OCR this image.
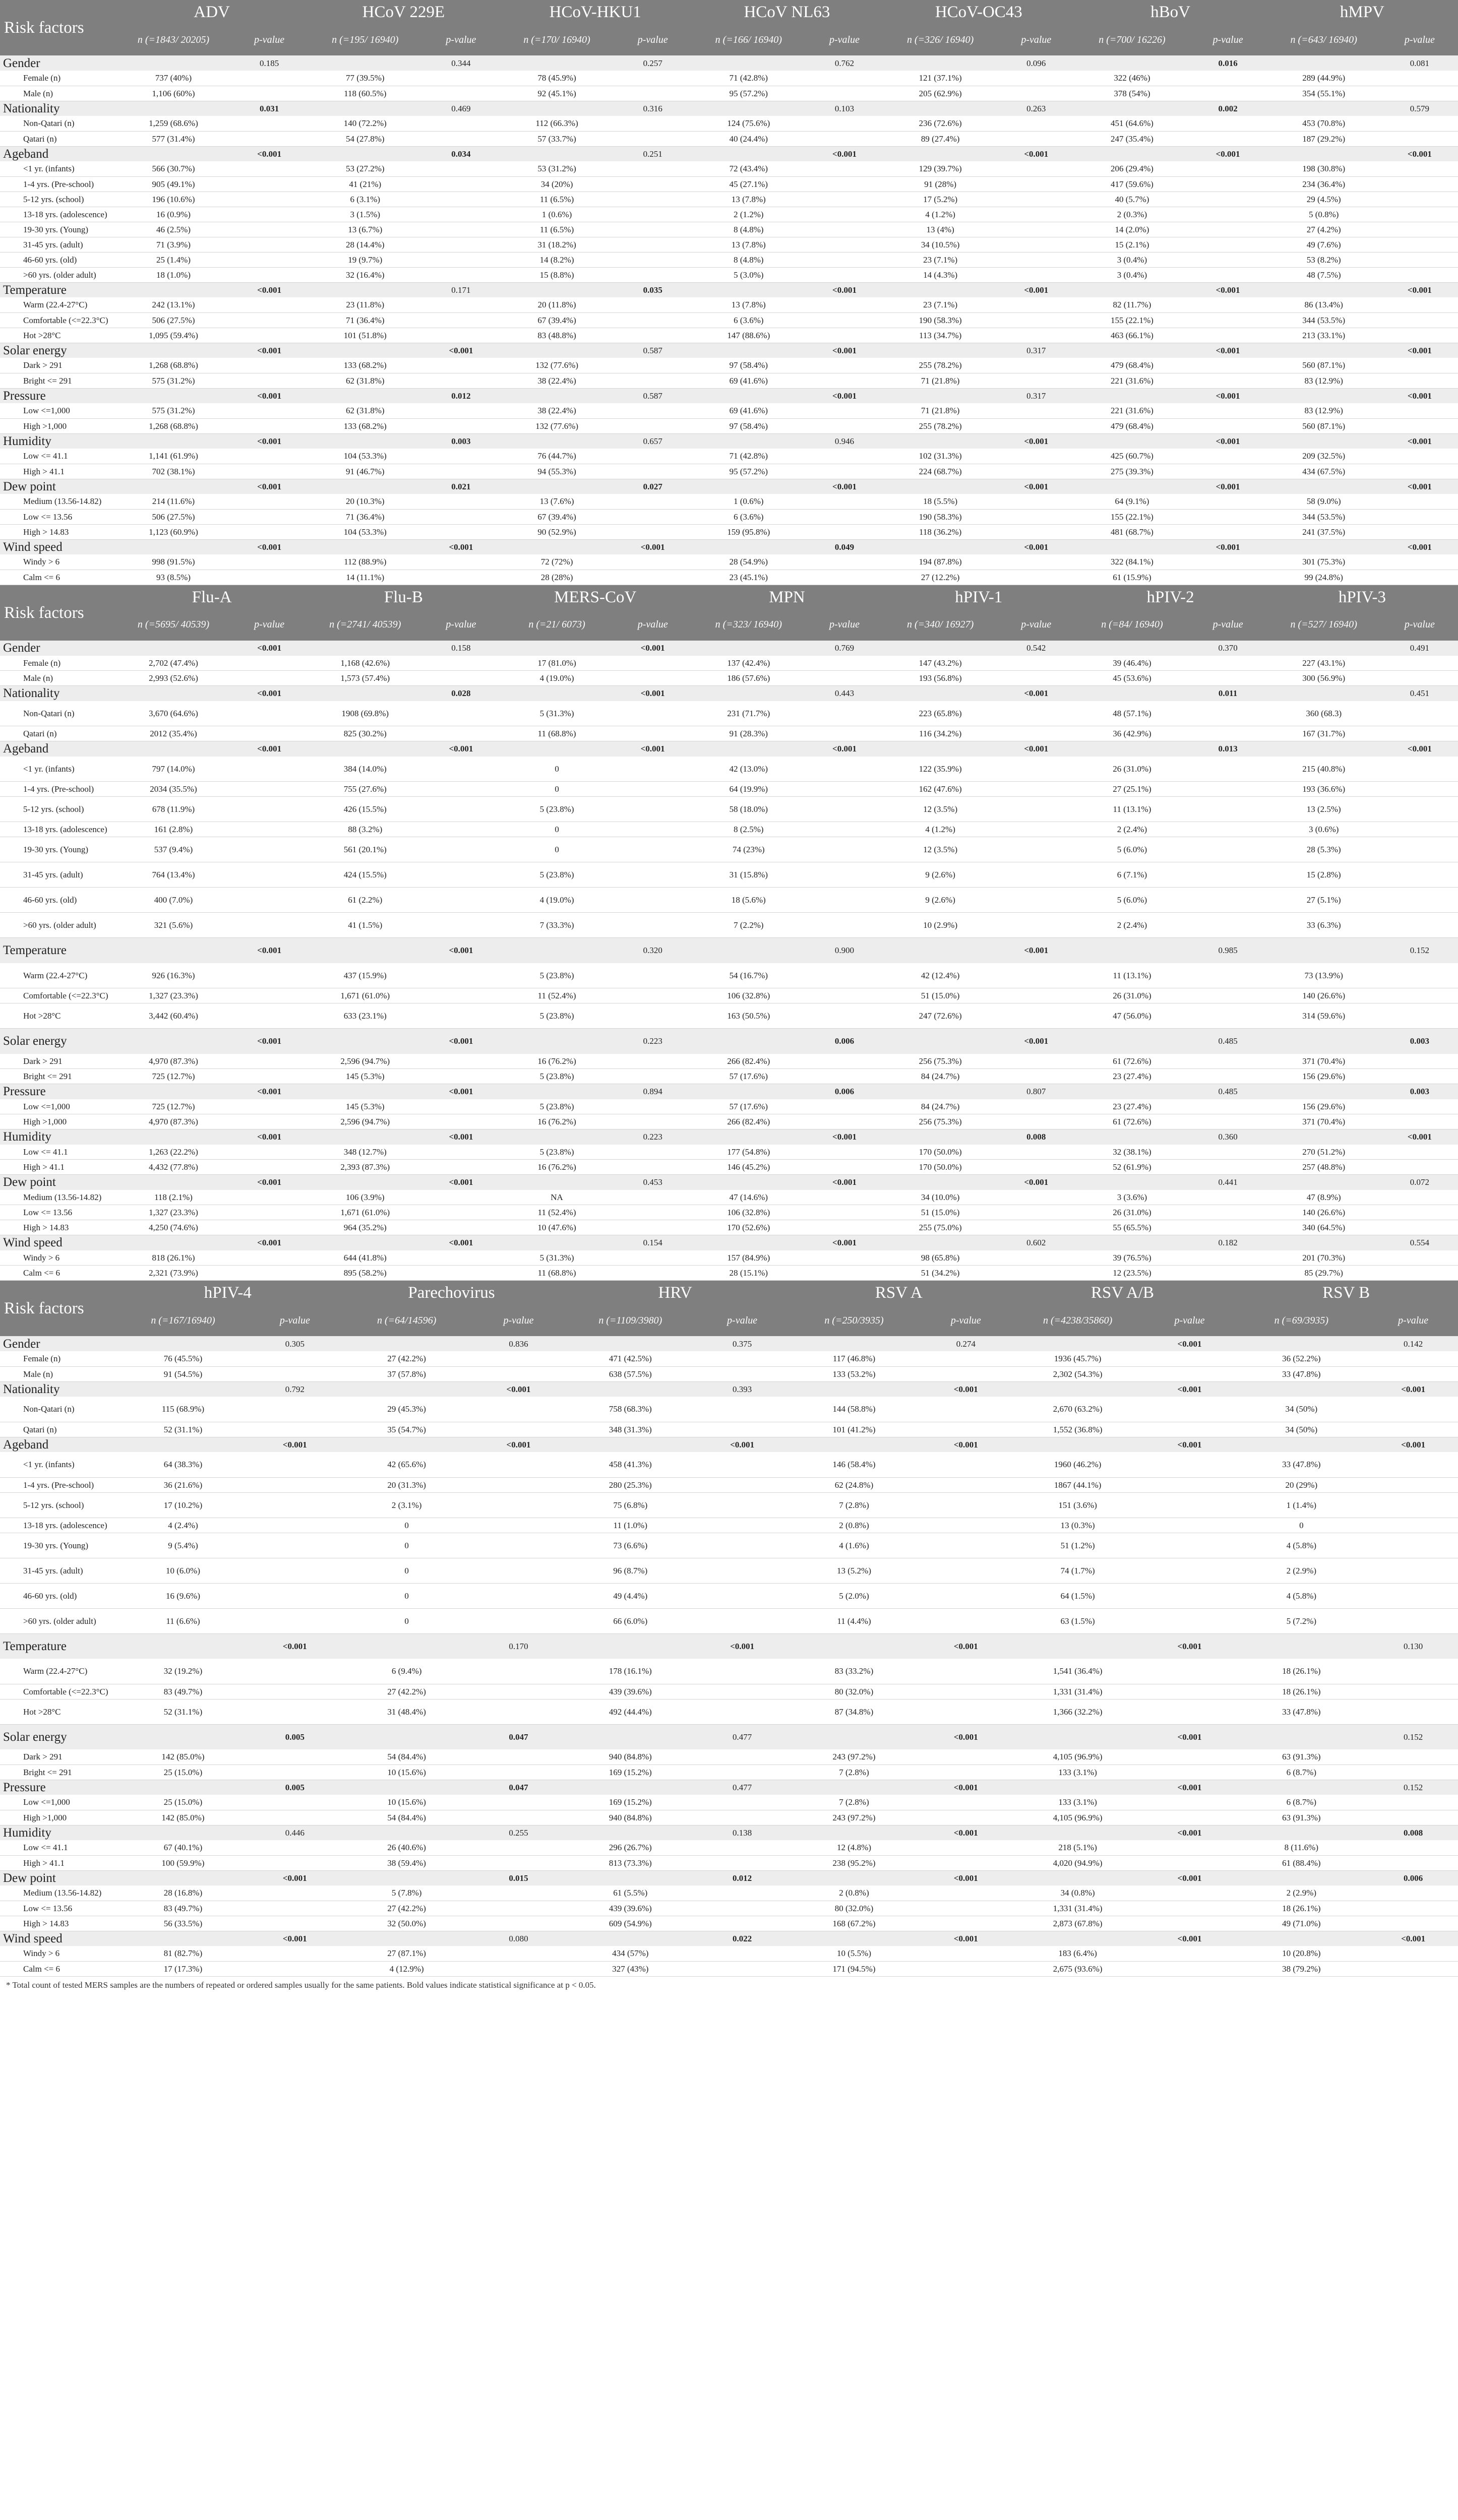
Risk factors	ADV		HCoV 229E		HCoV-HKU1		HCoV NL63		HCoV-OC43		hBoV		hMPV	
	n (=1843/ 20205)	p-value	n (=195/ 16940)	p-value	n (=170/ 16940)	p-value	n (=166/ 16940)	p-value	n (=326/ 16940)	p-value	n (=700/ 16226)	p-value	n (=643/ 16940)	p-value
Gender		0.185		0.344		0.257		0.762		0.096		0.016		0.081
Female (n)	737 (40%)		77 (39.5%)		78 (45.9%)		71 (42.8%)		121 (37.1%)		322 (46%)		289 (44.9%)	
Male (n)	1,106 (60%)		118 (60.5%)		92 (45.1%)		95 (57.2%)		205 (62.9%)		378 (54%)		354 (55.1%)	
Nationality		0.031		0.469		0.316		0.103		0.263		0.002		0.579
Non-Qatari (n)	1,259 (68.6%)		140 (72.2%)		112 (66.3%)		124 (75.6%)		236 (72.6%)		451 (64.6%)		453 (70.8%)	
Qatari (n)	577 (31.4%)		54 (27.8%)		57 (33.7%)		40 (24.4%)		89 (27.4%)		247 (35.4%)		187 (29.2%)	
Ageband		<0.001		0.034		0.251		<0.001		<0.001		<0.001		<0.001
<1 yr. (infants)	566 (30.7%)		53 (27.2%)		53 (31.2%)		72 (43.4%)		129 (39.7%)		206 (29.4%)		198 (30.8%)	
1-4 yrs. (Pre-school)	905 (49.1%)		41 (21%)		34 (20%)		45 (27.1%)		91 (28%)		417 (59.6%)		234 (36.4%)	
5-12 yrs. (school)	196 (10.6%)		6 (3.1%)		11 (6.5%)		13 (7.8%)		17 (5.2%)		40 (5.7%)		29 (4.5%)	
13-18 yrs. (adolescence)	16 (0.9%)		3 (1.5%)		1 (0.6%)		2 (1.2%)		4 (1.2%)		2 (0.3%)		5 (0.8%)	
19-30 yrs. (Young)	46 (2.5%)		13 (6.7%)		11 (6.5%)		8 (4.8%)		13 (4%)		14 (2.0%)		27 (4.2%)	
31-45 yrs. (adult)	71 (3.9%)		28 (14.4%)		31 (18.2%)		13 (7.8%)		34 (10.5%)		15 (2.1%)		49 (7.6%)	
46-60 yrs. (old)	25 (1.4%)		19 (9.7%)		14 (8.2%)		8 (4.8%)		23 (7.1%)		3 (0.4%)		53 (8.2%)	
>60 yrs. (older adult)	18 (1.0%)		32 (16.4%)		15 (8.8%)		5 (3.0%)		14 (4.3%)		3 (0.4%)		48 (7.5%)	
Temperature		<0.001		0.171		0.035		<0.001		<0.001		<0.001		<0.001
Warm (22.4-27°C)	242 (13.1%)		23 (11.8%)		20 (11.8%)		13 (7.8%)		23 (7.1%)		82 (11.7%)		86 (13.4%)	
Comfortable (<=22.3°C)	506 (27.5%)		71 (36.4%)		67 (39.4%)		6 (3.6%)		190 (58.3%)		155 (22.1%)		344 (53.5%)	
Hot >28°C	1,095 (59.4%)		101 (51.8%)		83 (48.8%)		147 (88.6%)		113 (34.7%)		463 (66.1%)		213 (33.1%)	
Solar energy		<0.001		<0.001		0.587		<0.001		0.317		<0.001		<0.001
Dark > 291	1,268 (68.8%)		133 (68.2%)		132 (77.6%)		97 (58.4%)		255 (78.2%)		479 (68.4%)		560 (87.1%)	
Bright <= 291	575 (31.2%)		62 (31.8%)		38 (22.4%)		69 (41.6%)		71 (21.8%)		221 (31.6%)		83 (12.9%)	
Pressure		<0.001		0.012		0.587		<0.001		0.317		<0.001		<0.001
Low <=1,000	575 (31.2%)		62 (31.8%)		38 (22.4%)		69 (41.6%)		71 (21.8%)		221 (31.6%)		83 (12.9%)	
High >1,000	1,268 (68.8%)		133 (68.2%)		132 (77.6%)		97 (58.4%)		255 (78.2%)		479 (68.4%)		560 (87.1%)	
Humidity		<0.001		0.003		0.657		0.946		<0.001		<0.001		<0.001
Low <= 41.1	1,141 (61.9%)		104 (53.3%)		76 (44.7%)		71 (42.8%)		102 (31.3%)		425 (60.7%)		209 (32.5%)	
High > 41.1	702 (38.1%)		91 (46.7%)		94 (55.3%)		95 (57.2%)		224 (68.7%)		275 (39.3%)		434 (67.5%)	
Dew point		<0.001		0.021		0.027		<0.001		<0.001		<0.001		<0.001
Medium (13.56-14.82)	214 (11.6%)		20 (10.3%)		13 (7.6%)		1 (0.6%)		18 (5.5%)		64 (9.1%)		58 (9.0%)	
Low <= 13.56	506 (27.5%)		71 (36.4%)		67 (39.4%)		6 (3.6%)		190 (58.3%)		155 (22.1%)		344 (53.5%)	
High > 14.83	1,123 (60.9%)		104 (53.3%)		90 (52.9%)		159 (95.8%)		118 (36.2%)		481 (68.7%)		241 (37.5%)	
Wind speed		<0.001		<0.001		<0.001		0.049		<0.001		<0.001		<0.001
Windy > 6	998 (91.5%)		112 (88.9%)		72 (72%)		28 (54.9%)		194 (87.8%)		322 (84.1%)		301 (75.3%)	
Calm <= 6	93 (8.5%)		14 (11.1%)		28 (28%)		23 (45.1%)		27 (12.2%)		61 (15.9%)		99 (24.8%)	
Risk factors	Flu-A		Flu-B		MERS-CoV		MPN		hPIV-1		hPIV-2		hPIV-3	
	n (=5695/ 40539)	p-value	n (=2741/ 40539)	p-value	n (=21/ 6073)	p-value	n (=323/ 16940)	p-value	n (=340/ 16927)	p-value	n (=84/ 16940)	p-value	n (=527/ 16940)	p-value
Gender		<0.001		0.158		<0.001		0.769		0.542		0.370		0.491
Female (n)	2,702 (47.4%)		1,168 (42.6%)		17 (81.0%)		137 (42.4%)		147 (43.2%)		39 (46.4%)		227 (43.1%)	
Male (n)	2,993 (52.6%)		1,573 (57.4%)		4 (19.0%)		186 (57.6%)		193 (56.8%)		45 (53.6%)		300 (56.9%)	
Nationality		<0.001		0.028		<0.001		0.443		<0.001		0.011		0.451
Non-Qatari (n)	3,670 (64.6%)		1908 (69.8%)		5 (31.3%)		231 (71.7%)		223 (65.8%)		48 (57.1%)		360 (68.3)	
Qatari (n)	2012 (35.4%)		825 (30.2%)		11 (68.8%)		91 (28.3%)		116 (34.2%)		36 (42.9%)		167 (31.7%)	
Ageband		<0.001		<0.001		<0.001		<0.001		<0.001		0.013		<0.001
<1 yr. (infants)	797 (14.0%)		384 (14.0%)		0		42 (13.0%)		122 (35.9%)		26 (31.0%)		215 (40.8%)	
1-4 yrs. (Pre-school)	2034 (35.5%)		755 (27.6%)		0		64 (19.9%)		162 (47.6%)		27 (25.1%)		193 (36.6%)	
5-12 yrs. (school)	678 (11.9%)		426 (15.5%)		5 (23.8%)		58 (18.0%)		12 (3.5%)		11 (13.1%)		13 (2.5%)	
13-18 yrs. (adolescence)	161 (2.8%)		88 (3.2%)		0		8 (2.5%)		4 (1.2%)		2 (2.4%)		3 (0.6%)	
19-30 yrs. (Young)	537 (9.4%)		561 (20.1%)		0		74 (23%)		12 (3.5%)		5 (6.0%)		28 (5.3%)	
31-45 yrs. (adult)	764 (13.4%)		424 (15.5%)		5 (23.8%)		31 (15.8%)		9 (2.6%)		6 (7.1%)		15 (2.8%)	
46-60 yrs. (old)	400 (7.0%)		61 (2.2%)		4 (19.0%)		18 (5.6%)		9 (2.6%)		5 (6.0%)		27 (5.1%)	
>60 yrs. (older adult)	321 (5.6%)		41 (1.5%)		7 (33.3%)		7 (2.2%)		10 (2.9%)		2 (2.4%)		33 (6.3%)	
Temperature		<0.001		<0.001		0.320		0.900		<0.001		0.985		0.152
Warm (22.4-27°C)	926 (16.3%)		437 (15.9%)		5 (23.8%)		54 (16.7%)		42 (12.4%)		11 (13.1%)		73 (13.9%)	
Comfortable (<=22.3°C)	1,327 (23.3%)		1,671 (61.0%)		11 (52.4%)		106 (32.8%)		51 (15.0%)		26 (31.0%)		140 (26.6%)	
Hot >28°C	3,442 (60.4%)		633 (23.1%)		5 (23.8%)		163 (50.5%)		247 (72.6%)		47 (56.0%)		314 (59.6%)	
Solar energy		<0.001		<0.001		0.223		0.006		<0.001		0.485		0.003
Dark > 291	4,970 (87.3%)		2,596 (94.7%)		16 (76.2%)		266 (82.4%)		256 (75.3%)		61 (72.6%)		371 (70.4%)	
Bright <= 291	725 (12.7%)		145 (5.3%)		5 (23.8%)		57 (17.6%)		84 (24.7%)		23 (27.4%)		156 (29.6%)	
Pressure		<0.001		<0.001		0.894		0.006		0.807		0.485		0.003
Low <=1,000	725 (12.7%)		145 (5.3%)		5 (23.8%)		57 (17.6%)		84 (24.7%)		23 (27.4%)		156 (29.6%)	
High >1,000	4,970 (87.3%)		2,596 (94.7%)		16 (76.2%)		266 (82.4%)		256 (75.3%)		61 (72.6%)		371 (70.4%)	
Humidity		<0.001		<0.001		0.223		<0.001		0.008		0.360		<0.001
Low <= 41.1	1,263 (22.2%)		348 (12.7%)		5 (23.8%)		177 (54.8%)		170 (50.0%)		32 (38.1%)		270 (51.2%)	
High > 41.1	4,432 (77.8%)		2,393 (87.3%)		16 (76.2%)		146 (45.2%)		170 (50.0%)		52 (61.9%)		257 (48.8%)	
Dew point		<0.001		<0.001		0.453		<0.001		<0.001		0.441		0.072
Medium (13.56-14.82)	118 (2.1%)		106 (3.9%)		NA		47 (14.6%)		34 (10.0%)		3 (3.6%)		47 (8.9%)	
Low <= 13.56	1,327 (23.3%)		1,671 (61.0%)		11 (52.4%)		106 (32.8%)		51 (15.0%)		26 (31.0%)		140 (26.6%)	
High > 14.83	4,250 (74.6%)		964 (35.2%)		10 (47.6%)		170 (52.6%)		255 (75.0%)		55 (65.5%)		340 (64.5%)	
Wind speed		<0.001		<0.001		0.154		<0.001		0.602		0.182		0.554
Windy > 6	818 (26.1%)		644 (41.8%)		5 (31.3%)		157 (84.9%)		98 (65.8%)		39 (76.5%)		201 (70.3%)	
Calm <= 6	2,321 (73.9%)		895 (58.2%)		11 (68.8%)		28 (15.1%)		51 (34.2%)		12 (23.5%)		85 (29.7%)	
Risk factors	hPIV-4		Parechovirus		HRV		RSV A		RSV A/B		RSV B	
	n (=167/16940)	p-value	n (=64/14596)	p-value	n (=1109/3980)	p-value	n (=250/3935)	p-value	n (=4238/35860)	p-value	n (=69/3935)	p-value
Gender		0.305		0.836		0.375		0.274		<0.001		0.142
Female (n)	76 (45.5%)		27 (42.2%)		471 (42.5%)		117 (46.8%)		1936 (45.7%)		36 (52.2%)	
Male (n)	91 (54.5%)		37 (57.8%)		638 (57.5%)		133 (53.2%)		2,302 (54.3%)		33 (47.8%)	
Nationality		0.792		<0.001		0.393		<0.001		<0.001		<0.001
Non-Qatari (n)	115 (68.9%)		29 (45.3%)		758 (68.3%)		144 (58.8%)		2,670 (63.2%)		34 (50%)	
Qatari (n)	52 (31.1%)		35 (54.7%)		348 (31.3%)		101 (41.2%)		1,552 (36.8%)		34 (50%)	
Ageband		<0.001		<0.001		<0.001		<0.001		<0.001		<0.001
<1 yr. (infants)	64 (38.3%)		42 (65.6%)		458 (41.3%)		146 (58.4%)		1960 (46.2%)		33 (47.8%)	
1-4 yrs. (Pre-school)	36 (21.6%)		20 (31.3%)		280 (25.3%)		62 (24.8%)		1867 (44.1%)		20 (29%)	
5-12 yrs. (school)	17 (10.2%)		2 (3.1%)		75 (6.8%)		7 (2.8%)		151 (3.6%)		1 (1.4%)	
13-18 yrs. (adolescence)	4 (2.4%)		0		11 (1.0%)		2 (0.8%)		13 (0.3%)		0	
19-30 yrs. (Young)	9 (5.4%)		0		73 (6.6%)		4 (1.6%)		51 (1.2%)		4 (5.8%)	
31-45 yrs. (adult)	10 (6.0%)		0		96 (8.7%)		13 (5.2%)		74 (1.7%)		2 (2.9%)	
46-60 yrs. (old)	16 (9.6%)		0		49 (4.4%)		5 (2.0%)		64 (1.5%)		4 (5.8%)	
>60 yrs. (older adult)	11 (6.6%)		0		66 (6.0%)		11 (4.4%)		63 (1.5%)		5 (7.2%)	
Temperature		<0.001		0.170		<0.001		<0.001		<0.001		0.130
Warm (22.4-27°C)	32 (19.2%)		6 (9.4%)		178 (16.1%)		83 (33.2%)		1,541 (36.4%)		18 (26.1%)	
Comfortable (<=22.3°C)	83 (49.7%)		27 (42.2%)		439 (39.6%)		80 (32.0%)		1,331 (31.4%)		18 (26.1%)	
Hot >28°C	52 (31.1%)		31 (48.4%)		492 (44.4%)		87 (34.8%)		1,366 (32.2%)		33 (47.8%)	
Solar energy		0.005		0.047		0.477		<0.001		<0.001		0.152
Dark > 291	142 (85.0%)		54 (84.4%)		940 (84.8%)		243 (97.2%)		4,105 (96.9%)		63 (91.3%)	
Bright <= 291	25 (15.0%)		10 (15.6%)		169 (15.2%)		7 (2.8%)		133 (3.1%)		6 (8.7%)	
Pressure		0.005		0.047		0.477		<0.001		<0.001		0.152
Low <=1,000	25 (15.0%)		10 (15.6%)		169 (15.2%)		7 (2.8%)		133 (3.1%)		6 (8.7%)	
High >1,000	142 (85.0%)		54 (84.4%)		940 (84.8%)		243 (97.2%)		4,105 (96.9%)		63 (91.3%)	
Humidity		0.446		0.255		0.138		<0.001		<0.001		0.008
Low <= 41.1	67 (40.1%)		26 (40.6%)		296 (26.7%)		12 (4.8%)		218 (5.1%)		8 (11.6%)	
High > 41.1	100 (59.9%)		38 (59.4%)		813 (73.3%)		238 (95.2%)		4,020 (94.9%)		61 (88.4%)	
Dew point		<0.001		0.015		0.012		<0.001		<0.001		0.006
Medium (13.56-14.82)	28 (16.8%)		5 (7.8%)		61 (5.5%)		2 (0.8%)		34 (0.8%)		2 (2.9%)	
Low <= 13.56	83 (49.7%)		27 (42.2%)		439 (39.6%)		80 (32.0%)		1,331 (31.4%)		18 (26.1%)	
High > 14.83	56 (33.5%)		32 (50.0%)		609 (54.9%)		168 (67.2%)		2,873 (67.8%)		49 (71.0%)	
Wind speed		<0.001		0.080		0.022		<0.001		<0.001		<0.001
Windy > 6	81 (82.7%)		27 (87.1%)		434 (57%)		10 (5.5%)		183 (6.4%)		10 (20.8%)	
Calm <= 6	17 (17.3%)		4 (12.9%)		327 (43%)		171 (94.5%)		2,675 (93.6%)		38 (79.2%)	
* Total count of tested MERS samples are the numbers of repeated or ordered samples usually for the same patients. Bold values indicate statistical significance at p < 0.05.
